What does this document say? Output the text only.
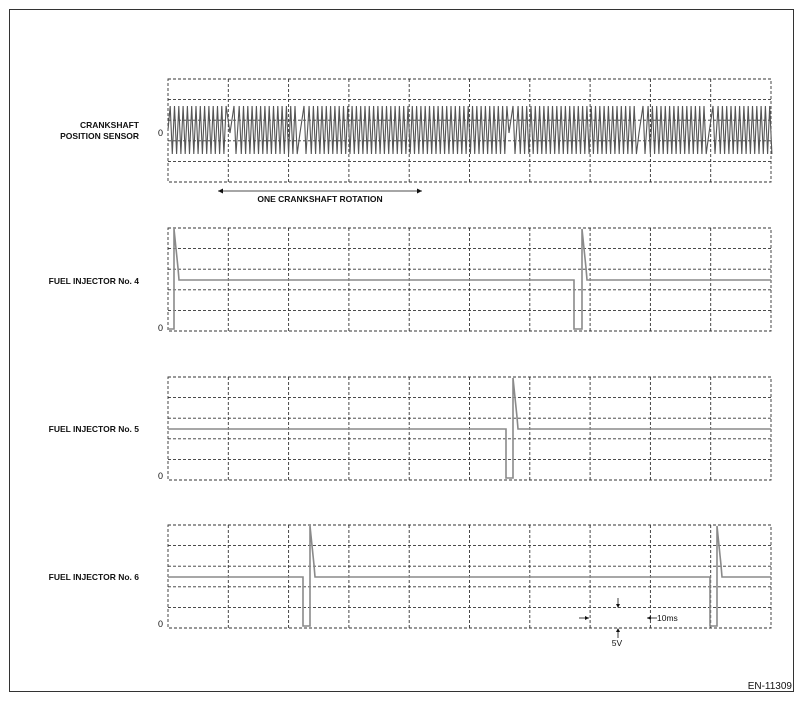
CRANKSHAFT
POSITION SENSOR 0
FUEL INJECTOR No. 4
0
FUEL INJECTOR No. 5
0
FUEL INJECTOR No. 6
0
ONE CRANKSHAFT ROTATION
10ms
5V
EN-11309
